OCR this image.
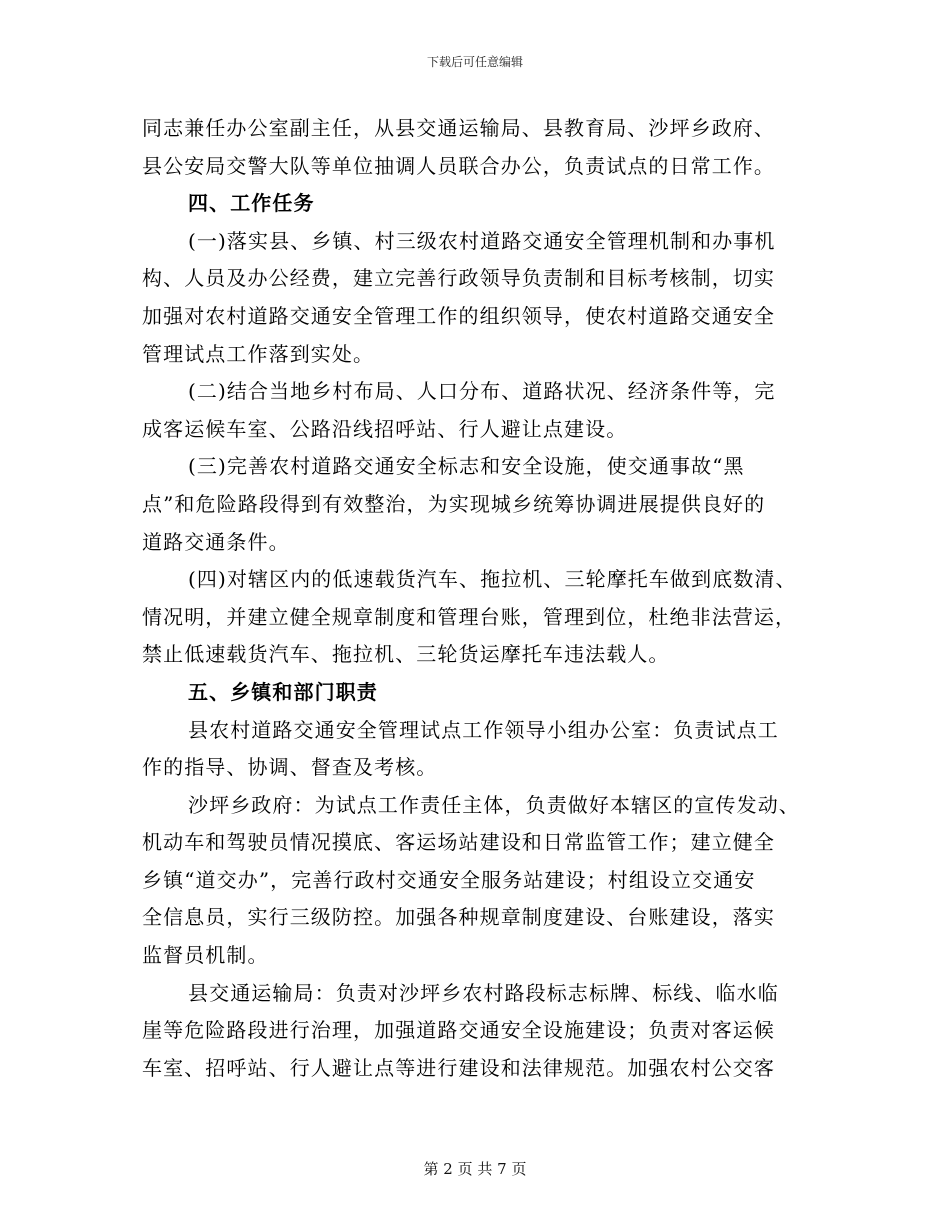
下载后可任意编辑
同志兼任办公室副主任，从县交通运输局、县教育局、沙坪乡政府、
县公安局交警大队等单位抽调人员联合办公，负责试点的日常工作。
四、工作任务
(一)落实县、乡镇、村三级农村道路交通安全管理机制和办事机
构、人员及办公经费，建立完善行政领导负责制和目标考核制，切实
加强对农村道路交通安全管理工作的组织领导，使农村道路交通安全
管理试点工作落到实处。
(二)结合当地乡村布局、人口分布、道路状况、经济条件等，完
成客运候车室、公路沿线招呼站、行人避让点建设。
(三)完善农村道路交通安全标志和安全设施，使交通事故“黑
点”和危险路段得到有效整治，为实现城乡统筹协调进展提供良好的
道路交通条件。
(四)对辖区内的低速载货汽车、拖拉机、三轮摩托车做到底数清、
情况明，并建立健全规章制度和管理台账，管理到位，杜绝非法营运，
禁止低速载货汽车、拖拉机、三轮货运摩托车违法载人。
五、乡镇和部门职责
县农村道路交通安全管理试点工作领导小组办公室：负责试点工
作的指导、协调、督查及考核。
沙坪乡政府：为试点工作责任主体，负责做好本辖区的宣传发动、
机动车和驾驶员情况摸底、客运场站建设和日常监管工作；建立健全
乡镇“道交办”，完善行政村交通安全服务站建设；村组设立交通安
全信息员，实行三级防控。加强各种规章制度建设、台账建设，落实
监督员机制。
县交通运输局：负责对沙坪乡农村路段标志标牌、标线、临水临
崖等危险路段进行治理，加强道路交通安全设施建设；负责对客运候
车室、招呼站、行人避让点等进行建设和法律规范。加强农村公交客
第 2 页 共 7 页
